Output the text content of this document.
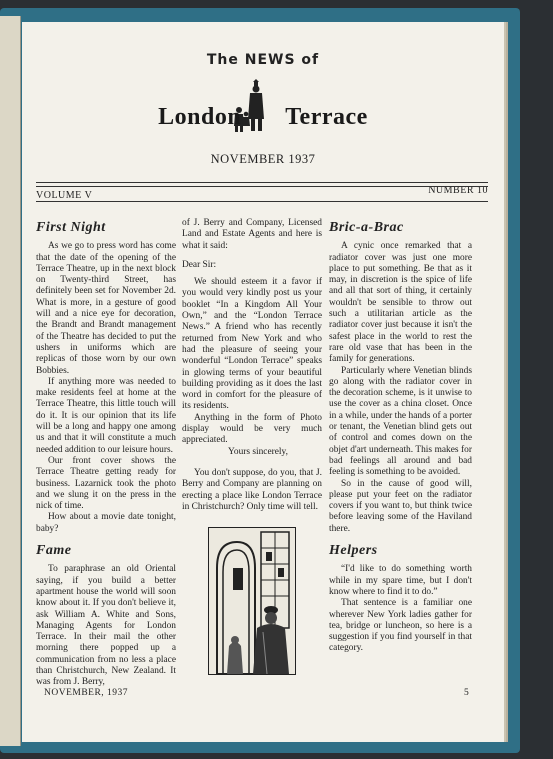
The NEWS of
London Terrace
NOVEMBER 1937
NUMBER 10
VOLUME V
First Night

As we go to press word has come that the date of the opening of the Terrace Theatre, up in the next block on Twenty-third Street, has definitely been set for November 2d. What is more, in a gesture of good will and a nice eye for decoration, the Brandt and Brandt management of the Theatre has decided to put the ushers in uniforms which are replicas of those worn by our own Bobbies.

If anything more was needed to make residents feel at home at the Terrace Theatre, this little touch will do it. It is our opinion that its life will be a long and happy one among us and that it will constitute a much needed addition to our leisure hours.

Our front cover shows the Terrace Theatre getting ready for business. Lazarnick took the photo and we slung it on the press in the nick of time.

How about a movie date tonight, baby?

Fame

To paraphrase an old Oriental saying, if you build a better apartment house the world will soon know about it. If you don't believe it, ask William A. White and Sons, Managing Agents for London Terrace. In their mail the other morning there popped up a communication from no less a place than Christchurch, New Zealand. It was from J. Berry,

of J. Berry and Company, Licensed Land and Estate Agents and here is what it said:

Dear Sir:

We should esteem it a favor if you would very kindly post us your booklet “In a Kingdom All Your Own,” and the “London Terrace News.” A friend who has recently returned from New York and who had the pleasure of seeing your wonderful “London Terrace” speaks in glowing terms of your beautiful building providing as it does the last word in comfort for the pleasure of its residents.

Anything in the form of Photo display would be very much appreciated.

Yours sincerely,

You don't suppose, do you, that J. Berry and Company are planning on erecting a place like London Terrace in Christchurch? Only time will tell.

Bric-a-Brac

A cynic once remarked that a radiator cover was just one more place to put something. Be that as it may, in discretion is the spice of life and all that sort of thing, it certainly wouldn't be sensible to throw out such a utilitarian article as the radiator cover just because it isn't the safest place in the world to rest the rare old vase that has been in the family for generations.

Particularly where Venetian blinds go along with the radiator cover in the decoration scheme, is it unwise to use the cover as a china closet. Once in a while, under the hands of a porter or tenant, the Venetian blind gets out of control and comes down on the objet d'art underneath. This makes for bad feelings all around and bad feeling is something to be avoided.

So in the cause of good will, please put your feet on the radiator covers if you want to, but think twice before leaving some of the Haviland there.

Helpers

“I'd like to do something worth while in my spare time, but I don't know where to find it to do.”

That sentence is a familiar one wherever New York ladies gather for tea, bridge or luncheon, so here is a suggestion if you find yourself in that category.

NOVEMBER, 1937	5
